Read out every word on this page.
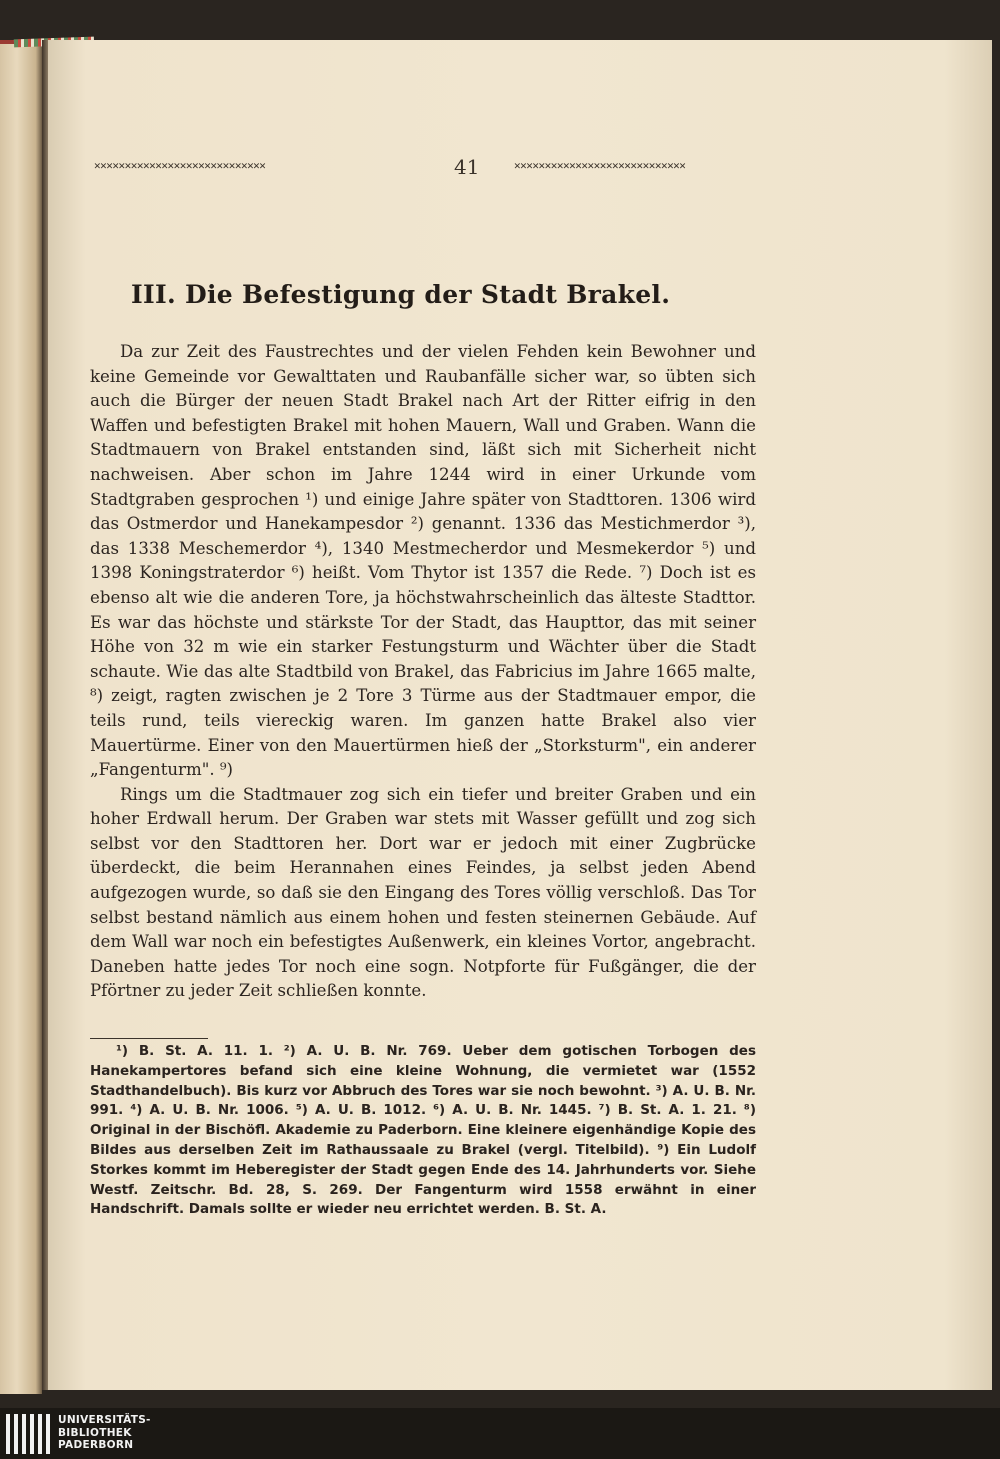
✕✕✕✕✕✕✕✕✕✕✕✕✕✕✕✕✕✕✕✕✕✕✕✕✕✕✕✕	41	✕✕✕✕✕✕✕✕✕✕✕✕✕✕✕✕✕✕✕✕✕✕✕✕✕✕✕✕
III. Die Befestigung der Stadt Brakel.

Da zur Zeit des Faustrechtes und der vielen Fehden kein Bewohner und keine Gemeinde vor Gewalttaten und Raubanfälle sicher war, so übten sich auch die Bürger der neuen Stadt Brakel nach Art der Ritter eifrig in den Waffen und befestigten Brakel mit hohen Mauern, Wall und Graben. Wann die Stadtmauern von Brakel entstanden sind, läßt sich mit Sicherheit nicht nachweisen. Aber schon im Jahre 1244 wird in einer Urkunde vom Stadtgraben gesprochen ¹) und einige Jahre später von Stadttoren. 1306 wird das Ostmerdor und Hanekampesdor ²) genannt. 1336 das Mestichmerdor ³), das 1338 Meschemerdor ⁴), 1340 Mestmecherdor und Mesmekerdor ⁵) und 1398 Koningstraterdor ⁶) heißt. Vom Thytor ist 1357 die Rede. ⁷) Doch ist es ebenso alt wie die anderen Tore, ja höchstwahrscheinlich das älteste Stadttor. Es war das höchste und stärkste Tor der Stadt, das Haupttor, das mit seiner Höhe von 32 m wie ein starker Festungsturm und Wächter über die Stadt schaute. Wie das alte Stadtbild von Brakel, das Fabricius im Jahre 1665 malte, ⁸) zeigt, ragten zwischen je 2 Tore 3 Türme aus der Stadtmauer empor, die teils rund, teils viereckig waren. Im ganzen hatte Brakel also vier Mauertürme. Einer von den Mauertürmen hieß der „Storksturm", ein anderer „Fangenturm". ⁹)

Rings um die Stadtmauer zog sich ein tiefer und breiter Graben und ein hoher Erdwall herum. Der Graben war stets mit Wasser gefüllt und zog sich selbst vor den Stadttoren her. Dort war er jedoch mit einer Zugbrücke überdeckt, die beim Herannahen eines Feindes, ja selbst jeden Abend aufgezogen wurde, so daß sie den Eingang des Tores völlig verschloß. Das Tor selbst bestand nämlich aus einem hohen und festen steinernen Gebäude. Auf dem Wall war noch ein befestigtes Außenwerk, ein kleines Vortor, angebracht. Daneben hatte jedes Tor noch eine sogn. Notpforte für Fußgänger, die der Pförtner zu jeder Zeit schließen konnte.

¹) B. St. A. 11. 1. ²) A. U. B. Nr. 769. Ueber dem gotischen Torbogen des Hanekampertores befand sich eine kleine Wohnung, die vermietet war (1552 Stadthandelbuch). Bis kurz vor Abbruch des Tores war sie noch bewohnt. ³) A. U. B. Nr. 991. ⁴) A. U. B. Nr. 1006. ⁵) A. U. B. 1012. ⁶) A. U. B. Nr. 1445. ⁷) B. St. A. 1. 21. ⁸) Original in der Bischöfl. Akademie zu Paderborn. Eine kleinere eigenhändige Kopie des Bildes aus derselben Zeit im Rathaussaale zu Brakel (vergl. Titelbild). ⁹) Ein Ludolf Storkes kommt im Heberegister der Stadt gegen Ende des 14. Jahrhunderts vor. Siehe Westf. Zeitschr. Bd. 28, S. 269. Der Fangenturm wird 1558 erwähnt in einer Handschrift. Damals sollte er wieder neu errichtet werden. B. St. A.

UNIVERSITÄTS-
BIBLIOTHEK
PADERBORN
